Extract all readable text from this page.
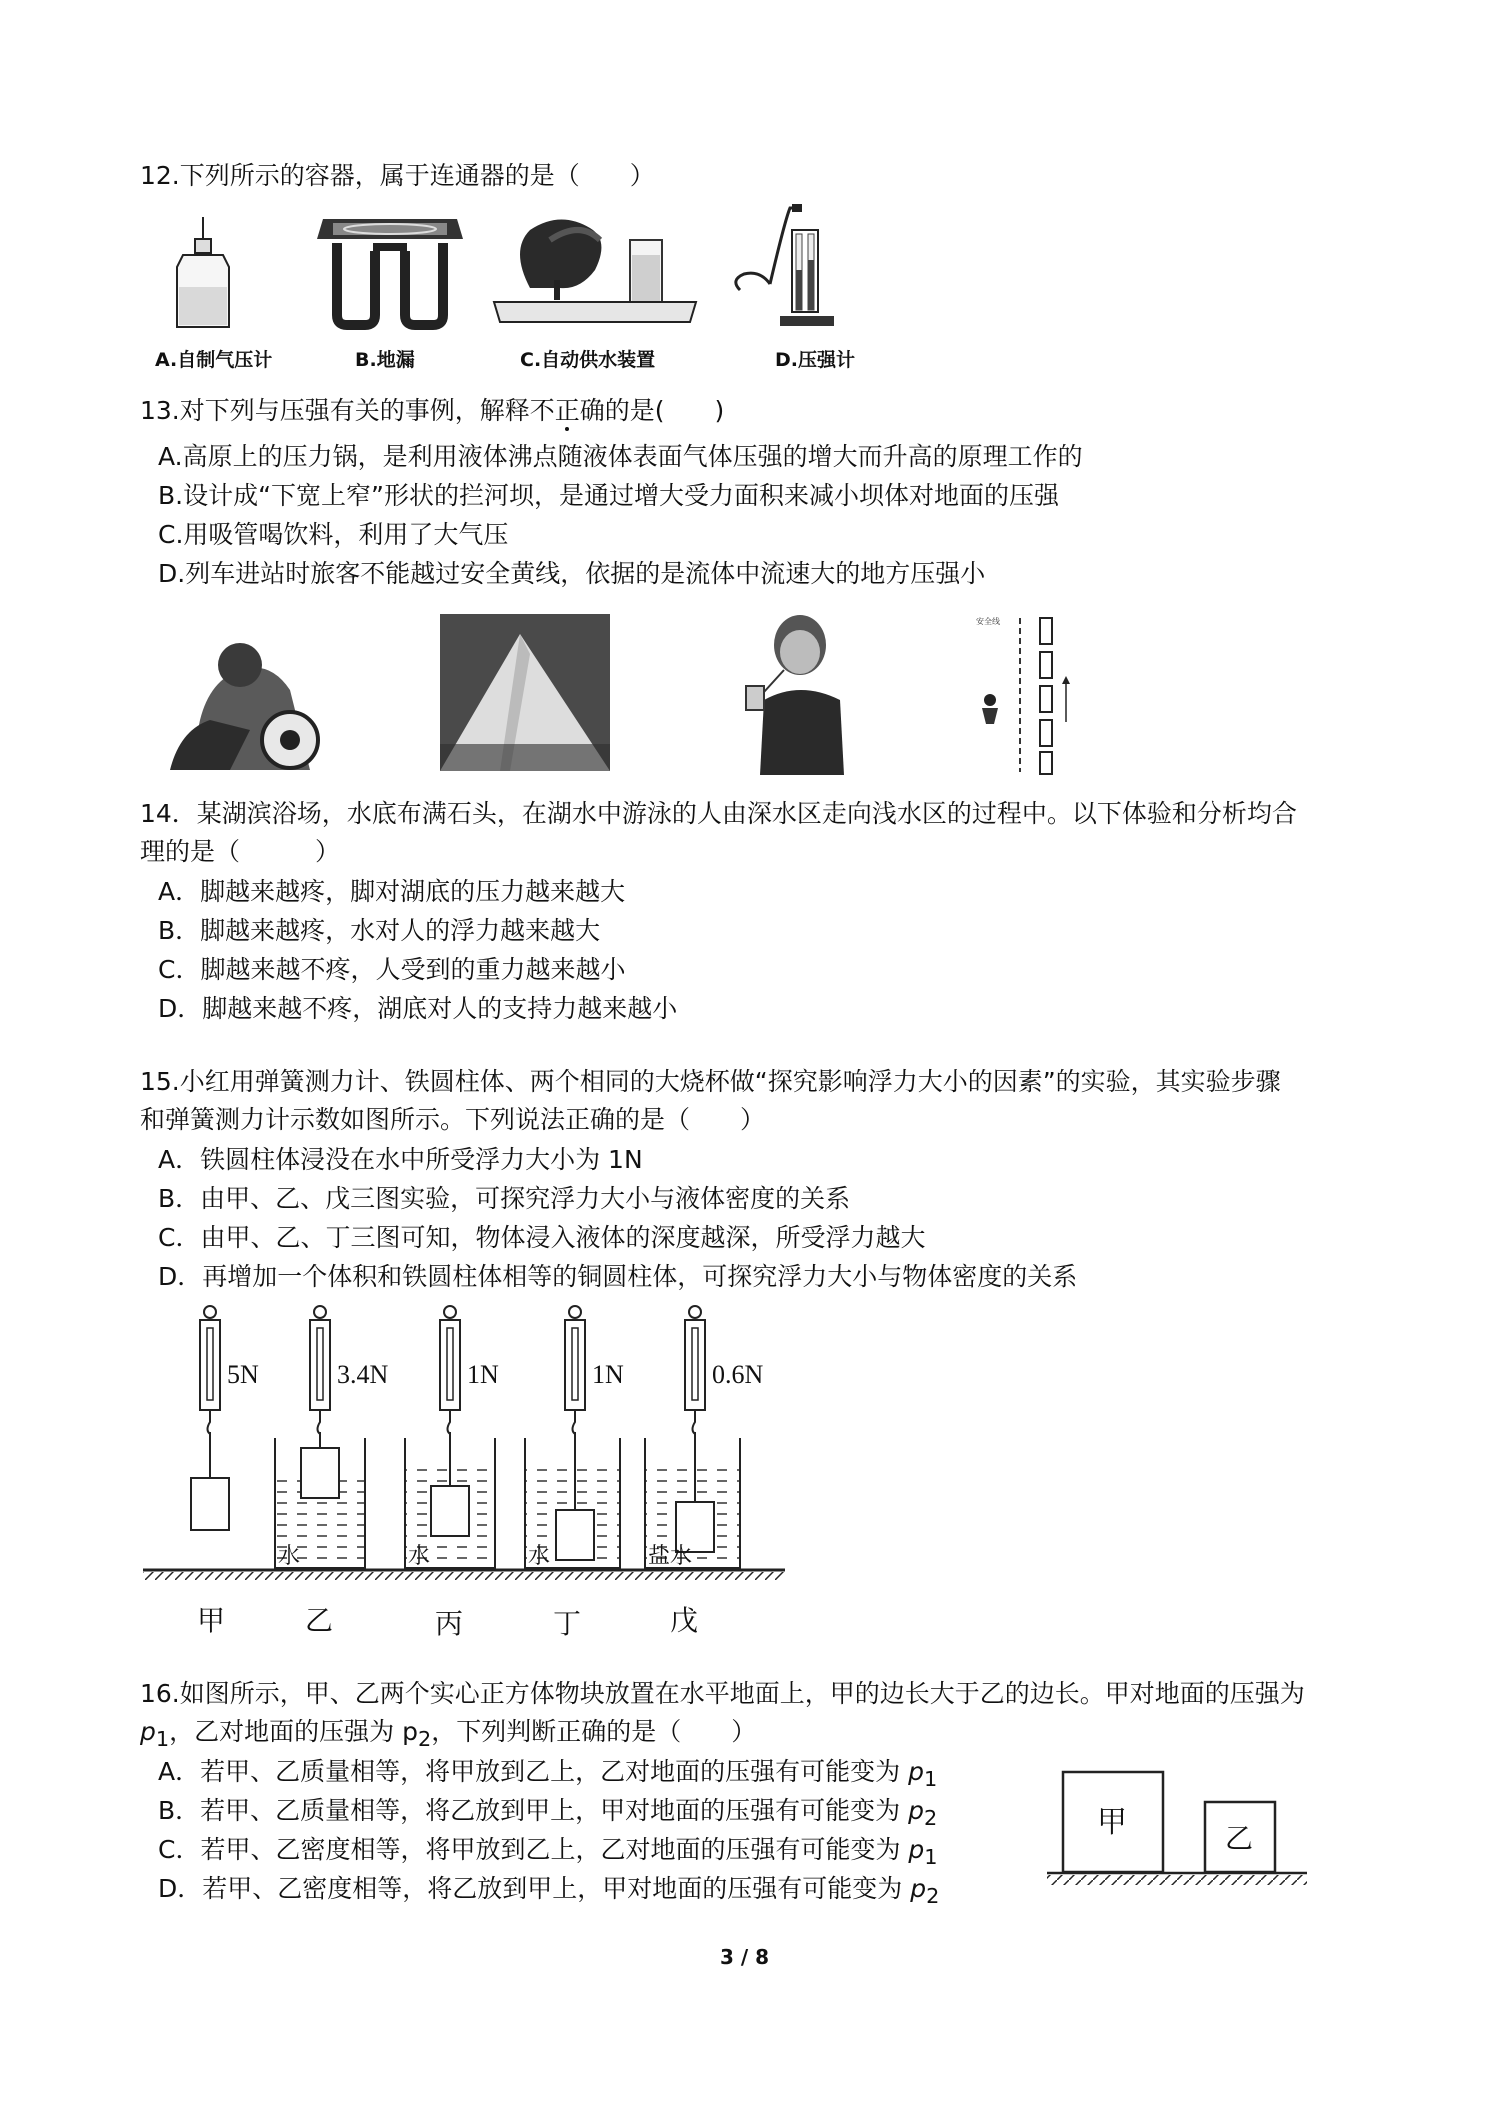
12.下列所示的容器，属于连通器的是（　　）
A.自制气压计	B.地漏	C.自动供水装置	D.压强计
13.对下列与压强有关的事例，解释不正确的是(　　)
A.高原上的压力锅，是利用液体沸点随液体表面气体压强的增大而升高的原理工作的
B.设计成“下宽上窄”形状的拦河坝，是通过增大受力面积来减小坝体对地面的压强
C.用吸管喝饮料，利用了大气压
D.列车进站时旅客不能越过安全黄线，依据的是流体中流速大的地方压强小
安全线
14．某湖滨浴场，水底布满石头，在湖水中游泳的人由深水区走向浅水区的过程中。以下体验和分析均合
理的是（　　　）
A．脚越来越疼，脚对湖底的压力越来越大
B．脚越来越疼，水对人的浮力越来越大
C．脚越来越不疼，人受到的重力越来越小
D．脚越来越不疼，湖底对人的支持力越来越小
15.小红用弹簧测力计、铁圆柱体、两个相同的大烧杯做“探究影响浮力大小的因素”的实验，其实验步骤
和弹簧测力计示数如图所示。下列说法正确的是（　　）
A．铁圆柱体浸没在水中所受浮力大小为 1N
B．由甲、乙、戊三图实验，可探究浮力大小与液体密度的关系
C．由甲、乙、丁三图可知，物体浸入液体的深度越深，所受浮力越大
D．再增加一个体积和铁圆柱体相等的铜圆柱体，可探究浮力大小与物体密度的关系
5N
甲
3.4N
水
乙
1N
水
丙
1N
水
丁
0.6N
盐水
戊
16.如图所示，甲、乙两个实心正方体物块放置在水平地面上，甲的边长大于乙的边长。甲对地面的压强为
$p_1$，乙对地面的压强为 $p_2$，下列判断正确的是（　　）
A．若甲、乙质量相等，将甲放到乙上，乙对地面的压强有可能变为 $p_1$
B．若甲、乙质量相等，将乙放到甲上，甲对地面的压强有可能变为 $p_2$
C．若甲、乙密度相等，将甲放到乙上，乙对地面的压强有可能变为 $p_1$
D．若甲、乙密度相等，将乙放到甲上，甲对地面的压强有可能变为 $p_2$
甲
乙
3 / 8
